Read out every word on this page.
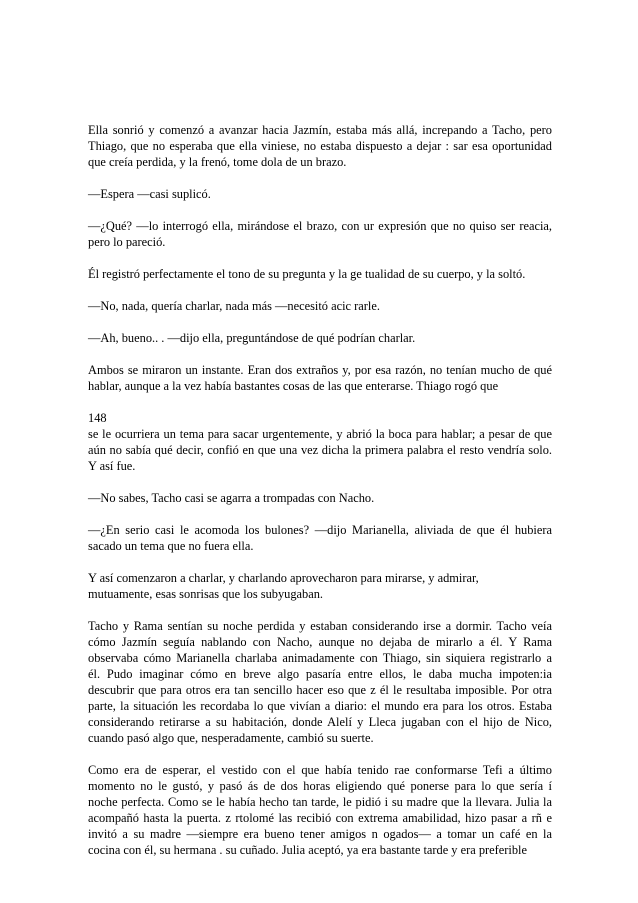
Ella sonrió y comenzó a avanzar hacia Jazmín, estaba más allá, increpando a Tacho, pero
Thiago, que no esperaba que ella viniese, no estaba dispuesto a dejar : sar esa oportunidad
que creía perdida, y la frenó, tome dola de un brazo.

—Espera —casi suplicó.

—¿Qué? —lo interrogó ella, mirándose el brazo, con ur expresión que no quiso ser reacia,
pero lo pareció.

Él registró perfectamente el tono de su pregunta y la ge tualidad de su cuerpo, y la soltó.

—No, nada, quería charlar, nada más —necesitó acic rarle.

—Ah, bueno.. . —dijo ella, preguntándose de qué podrían charlar.

Ambos se miraron un instante. Eran dos extraños y, por esa razón, no tenían mucho de qué
hablar, aunque a la vez había bastantes cosas de las que enterarse. Thiago rogó que

148
se le ocurriera un tema para sacar urgentemente, y abrió la boca para hablar; a pesar de que
aún no sabía qué decir, confió en que una vez dicha la primera palabra el resto vendría solo.
Y así fue.

—No sabes, Tacho casi se agarra a trompadas con Nacho.

—¿En serio casi le acomoda los bulones? —dijo Marianella, aliviada de que él hubiera
sacado un tema que no fuera ella.

Y así comenzaron a charlar, y charlando aprovecharon para mirarse, y admirar,
mutuamente, esas sonrisas que los subyugaban.

Tacho y Rama sentían su noche perdida y estaban considerando irse a dormir. Tacho veía
cómo Jazmín seguía nablando con Nacho, aunque no dejaba de mirarlo a él. Y Rama
observaba cómo Marianella charlaba animadamente con Thiago, sin siquiera registrarlo a
él. Pudo imaginar cómo en breve algo pasaría entre ellos, le daba mucha impoten:ia
descubrir que para otros era tan sencillo hacer eso que z él le resultaba imposible. Por otra
parte, la situación les recordaba lo que vivían a diario: el mundo era para los otros. Estaba
considerando retirarse a su habitación, donde Alelí y Lleca jugaban con el hijo de Nico,
cuando pasó algo que, nesperadamente, cambió su suerte.

Como era de esperar, el vestido con el que había tenido rae conformarse Tefi a último
momento no le gustó, y pasó ás de dos horas eligiendo qué ponerse para lo que sería í
noche perfecta. Como se le había hecho tan tarde, le pidió i su madre que la llevara. Julia la
acompañó hasta la puerta. z rtolomé las recibió con extrema amabilidad, hizo pasar a rñ e
invitó a su madre —siempre era bueno tener amigos n ogados— a tomar un café en la
cocina con él, su hermana . su cuñado. Julia aceptó, ya era bastante tarde y era preferible
